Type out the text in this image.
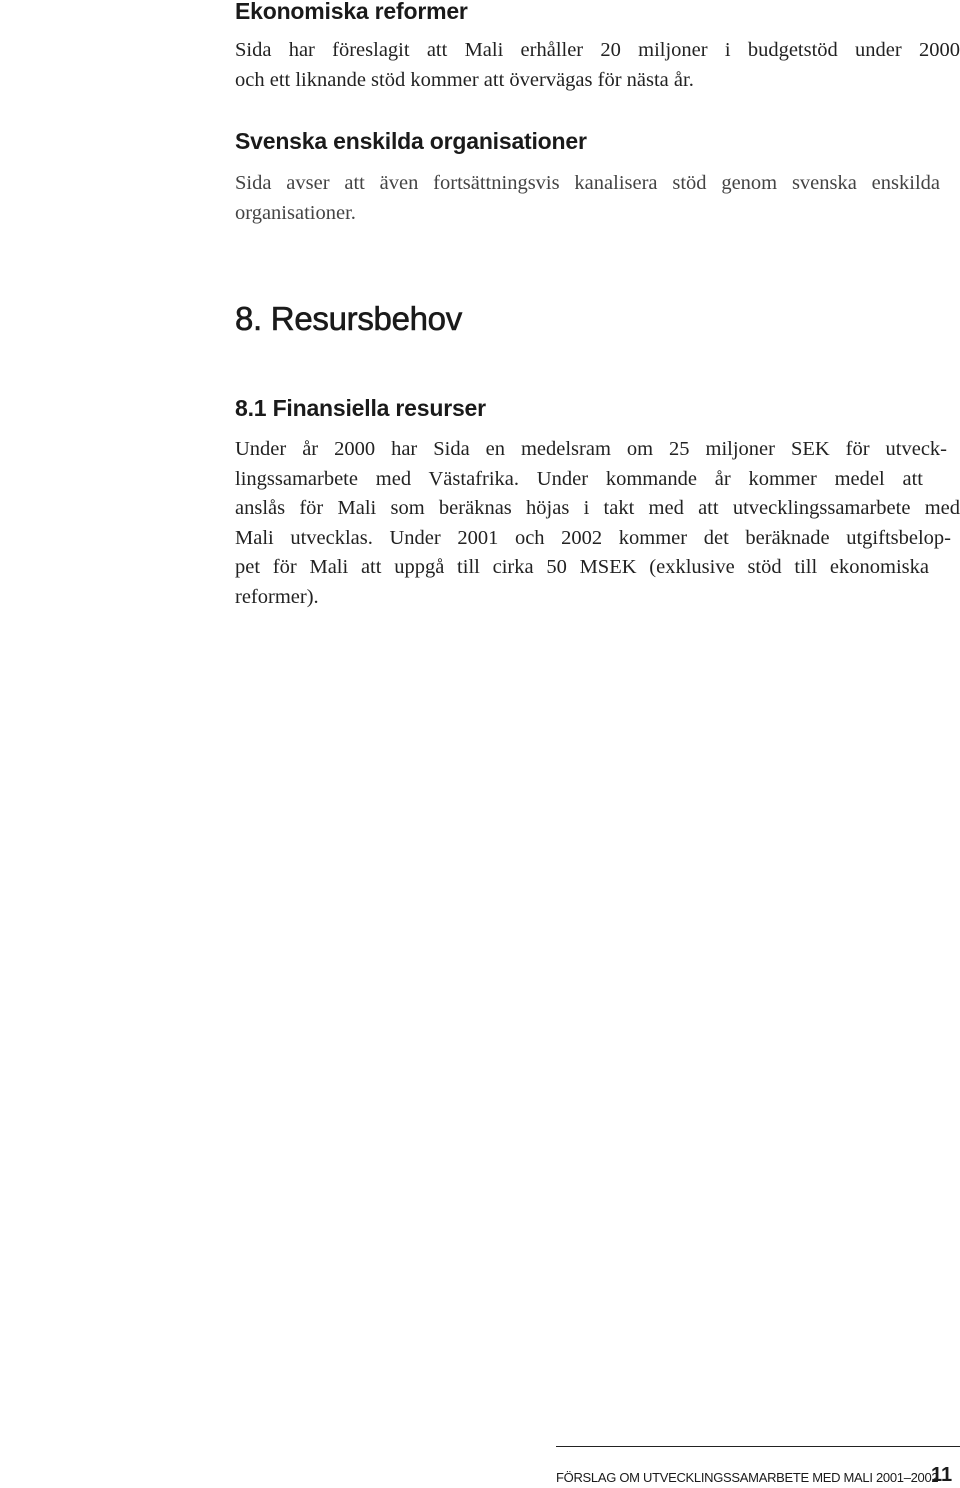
Ekonomiska reformer
Sida har föreslagit att Mali erhåller 20 miljoner i budgetstöd under 2000
och ett liknande stöd kommer att övervägas för nästa år.
Svenska enskilda organisationer
Sida avser att även fortsättningsvis kanalisera stöd genom svenska enskilda
organisationer.
8. Resursbehov
8.1 Finansiella resurser
Under år 2000 har Sida en medelsram om 25 miljoner SEK för utveck-
lingssamarbete med Västafrika. Under kommande år kommer medel att
anslås för Mali som beräknas höjas i takt med att utvecklingssamarbete med
Mali utvecklas. Under 2001 och 2002 kommer det beräknade utgiftsbelop-
pet för Mali att uppgå till cirka 50 MSEK (exklusive stöd till ekonomiska
reformer).
FÖRSLAG OM UTVECKLINGSSAMARBETE MED MALI 2001–2002
11
